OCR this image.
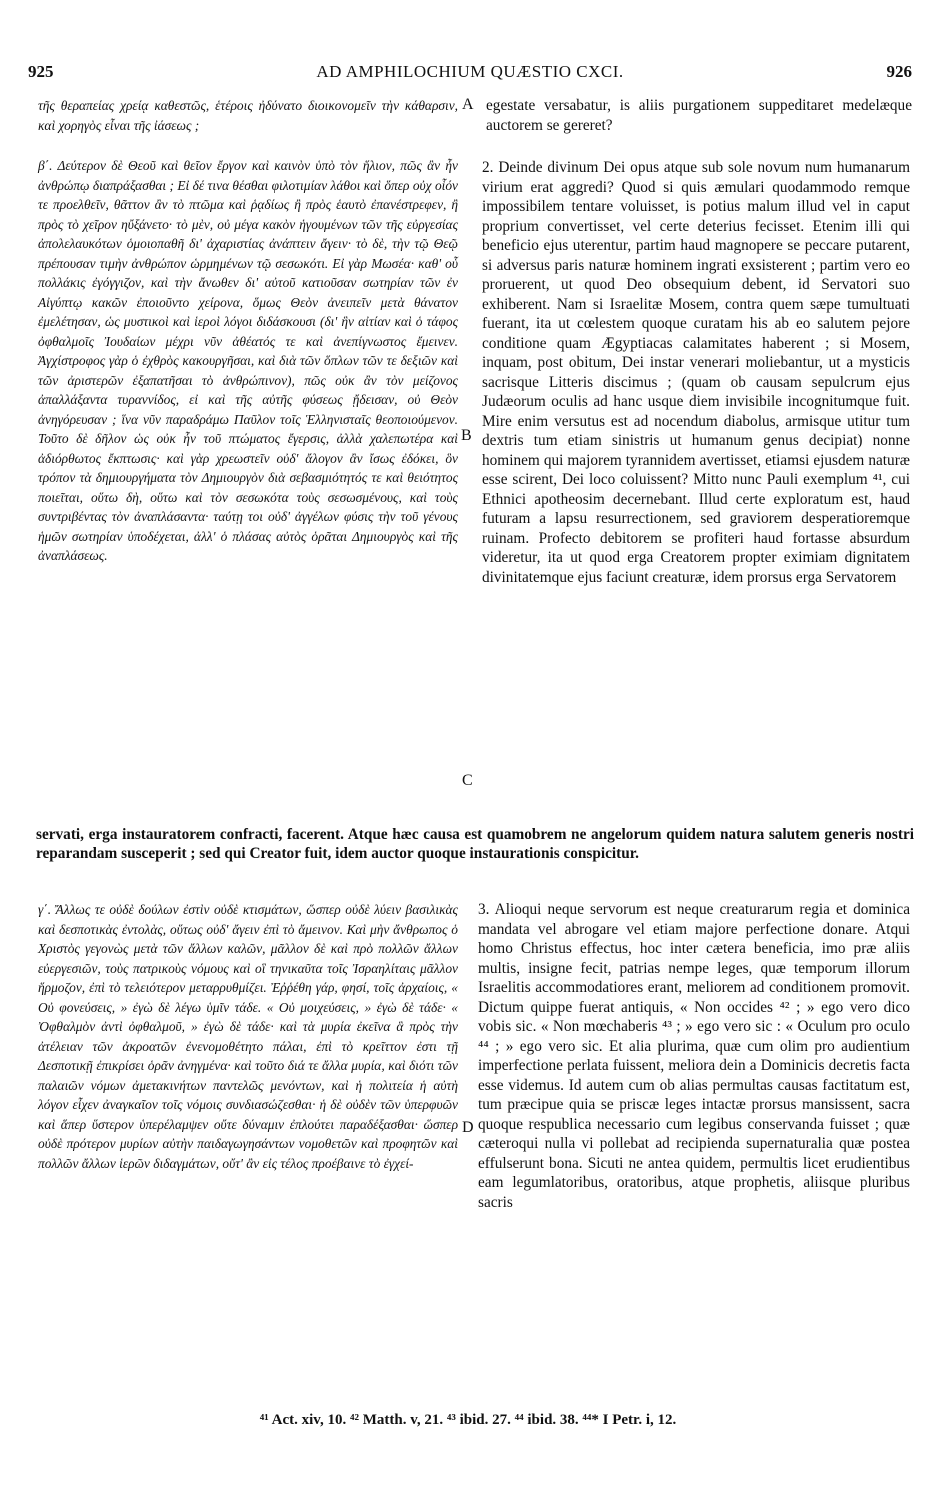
925	AD AMPHILOCHIUM QUÆSTIO CXCI.	926

τῆς θεραπείας χρείᾳ καθεστῶς, ἑτέροις ἠδύνατο διοικονομεῖν τὴν κάθαρσιν, καὶ χορηγὸς εἶναι τῆς ἰάσεως ;

egestate versabatur, is aliis purgationem suppeditaret medelæque auctorem se gereret?

β΄. Δεύτερον δὲ Θεοῦ καὶ θεῖον ἔργον καὶ καινὸν ὑπὸ τὸν ἥλιον, πῶς ἂν ἦν ἀνθρώπῳ διαπράξασθαι ; Εἰ δέ τινα θέσθαι φιλοτιμίαν λάθοι καὶ ὅπερ οὐχ οἷόν τε προελθεῖν, θᾶττον ἂν τὸ πτῶμα καὶ ῥᾳδίως ἢ πρὸς ἑαυτὸ ἐπανέστρεφεν, ἢ πρὸς τὸ χεῖρον ηὔξάνετο· τὸ μὲν, οὐ μέγα κακὸν ἡγουμένων τῶν τῆς εὐργεσίας ἀπολελαυκότων ὁμοιοπαθῆ δι' ἀχαριστίας ἀνάπτειν ἄγειν· τὸ δὲ, τὴν τῷ Θεῷ πρέπουσαν τιμὴν ἀνθρώπον ὡρμημένων τῷ σεσωκότι. Εἰ γὰρ Μωσέα· καθ' οὗ πολλάκις ἐγόγγιζον, καὶ τὴν ἄνωθεν δι' αὐτοῦ κατιοῦσαν σωτηρίαν τῶν ἐν Αἰγύπτῳ κακῶν ἐποιοῦντο χείρονα, ὅμως Θεὸν ἀνειπεῖν μετὰ θάνατον ἐμελέτησαν, ὡς μυστικοὶ καὶ ἱεροὶ λόγοι διδάσκουσι (δι' ἣν αἰτίαν καὶ ὁ τάφος ὀφθαλμοῖς Ἰουδαίων μέχρι νῦν ἀθέατός τε καὶ ἀνεπίγνωστος ἔμεινεν. Ἀγχίστροφος γὰρ ὁ ἐχθρὸς κακουργῆσαι, καὶ διὰ τῶν ὅπλων τῶν τε δεξιῶν καὶ τῶν ἀριστερῶν ἐξαπατῆσαι τὸ ἀνθρώπινον), πῶς οὐκ ἂν τὸν μείζονος ἀπαλλάξαντα τυραννίδος, εἰ καὶ τῆς αὐτῆς φύσεως ᾔδεισαν, οὐ Θεὸν ἀνηγόρευσαν ; ἵνα νῦν παραδράμω Παῦλον τοῖς Ἑλληνισταῖς θεοποιούμενον. Τοῦτο δὲ δῆλον ὡς οὐκ ἦν τοῦ πτώματος ἔγερσις, ἀλλὰ χαλεπωτέρα καὶ ἀδιόρθωτος ἔκπτωσις· καὶ γὰρ χρεωστεῖν οὐδ' ἄλογον ἂν ἴσως ἐδόκει, ὃν τρόπον τὰ δημιουργήματα τὸν Δημιουργὸν διὰ σεβασμιότητός τε καὶ θειότητος ποιεῖται, οὕτω δὴ, οὕτω καὶ τὸν σεσωκότα τοὺς σεσωσμένους, καὶ τοὺς συντριβέντας τὸν ἀναπλάσαντα· ταύτῃ τοι οὐδ' ἀγγέλων φύσις τὴν τοῦ γένους ἡμῶν σωτηρίαν ὑποδέχεται, ἀλλ' ὁ πλάσας αὐτὸς ὁρᾶται Δημιουργὸς καὶ τῆς ἀναπλάσεως.

2. Deinde divinum Dei opus atque sub sole novum num humanarum virium erat aggredi? Quod si quis æmulari quodammodo remque impossibilem tentare voluisset, is potius malum illud vel in caput proprium convertisset, vel certe deterius fecisset. Etenim illi qui beneficio ejus uterentur, partim haud magnopere se peccare putarent, si adversus paris naturæ hominem ingrati exsisterent ; partim vero eo proruerent, ut quod Deo obsequium debent, id Servatori suo exhiberent. Nam si Israelitæ Mosem, contra quem sæpe tumultuati fuerant, ita ut cœlestem quoque curatam his ab eo salutem pejore conditione quam Ægyptiacas calamitates haberent ; si Mosem, inquam, post obitum, Dei instar venerari moliebantur, ut a mysticis sacrisque Litteris discimus ; (quam ob causam sepulcrum ejus Judæorum oculis ad hanc usque diem invisibile incognitumque fuit. Mire enim versutus est ad nocendum diabolus, armisque utitur tum dextris tum etiam sinistris ut humanum genus decipiat) nonne hominem qui majorem tyrannidem avertisset, etiamsi ejusdem naturæ esse scirent, Dei loco coluissent? Mitto nunc Pauli exemplum ⁴¹, cui Ethnici apotheosim decernebant. Illud certe exploratum est, haud futuram a lapsu resurrectionem, sed graviorem desperatioremque ruinam. Profecto debitorem se profiteri haud fortasse absurdum videretur, ita ut quod erga Creatorem propter eximiam dignitatem divinitatemque ejus faciunt creaturæ, idem prorsus erga Servatorem

servati, erga instauratorem confracti, facerent. Atque hæc causa est quamobrem ne angelorum quidem natura salutem generis nostri reparandam susceperit ; sed qui Creator fuit, idem auctor quoque instaurationis conspicitur.

γ΄. Ἄλλως τε οὐδὲ δούλων ἐστὶν οὐδὲ κτισμάτων, ὥσπερ οὐδὲ λύειν βασιλικὰς καὶ δεσποτικὰς ἐντολὰς, οὕτως οὐδ' ἄγειν ἐπὶ τὸ ἄμεινον. Καὶ μὴν ἄνθρωπος ὁ Χριστὸς γεγονὼς μετὰ τῶν ἄλλων καλῶν, μᾶλλον δὲ καὶ πρὸ πολλῶν ἄλλων εὐεργεσιῶν, τοὺς πατρικοὺς νόμους καὶ οἳ τηνικαῦτα τοῖς Ἰσραηλίταις μᾶλλον ἥρμοζον, ἐπὶ τὸ τελειότερον μεταρρυθμίζει. Ἐῤῥέθη γάρ, φησί, τοῖς ἀρχαίοις, « Οὐ φονεύσεις, » ἐγὼ δὲ λέγω ὑμῖν τάδε. « Οὐ μοιχεύσεις, » ἐγὼ δὲ τάδε· « Ὀφθαλμὸν ἀντὶ ὀφθαλμοῦ, » ἐγὼ δὲ τάδε· καὶ τὰ μυρία ἐκεῖνα ἃ πρὸς τὴν ἀτέλειαν τῶν ἀκροατῶν ἐνενομοθέτητο πάλαι, ἐπὶ τὸ κρεῖττον ἐστι τῇ Δεσποτικῇ ἐπικρίσει ὁρᾶν ἀνηγμένα· καὶ τοῦτο διά τε ἄλλα μυρία, καὶ διότι τῶν παλαιῶν νόμων ἀμετακινήτων παντελῶς μενόντων, καὶ ἡ πολιτεία ἡ αὐτὴ λόγον εἶχεν ἀναγκαῖον τοῖς νόμοις συνδιασώζεσθαι· ἡ δὲ οὐδὲν τῶν ὑπερφυῶν καὶ ἅπερ ὕστερον ὑπερέλαμψεν οὔτε δύναμιν ἐπλούτει παραδέξασθαι· ὥσπερ οὐδὲ πρότερον μυρίων αὐτὴν παιδαγωγησάντων νομοθετῶν καὶ προφητῶν καὶ πολλῶν ἄλλων ἱερῶν διδαγμάτων, οὔτ' ἂν εἰς τέλος προέβαινε τὸ ἐγχεί-

3. Alioqui neque servorum est neque creaturarum regia et dominica mandata vel abrogare vel etiam majore perfectione donare. Atqui homo Christus effectus, hoc inter cætera beneficia, imo præ aliis multis, insigne fecit, patrias nempe leges, quæ temporum illorum Israelitis accommodatiores erant, meliorem ad conditionem promovit. Dictum quippe fuerat antiquis, « Non occides ⁴² ; » ego vero dico vobis sic. « Non mœchaberis ⁴³ ; » ego vero sic : « Oculum pro oculo ⁴⁴ ; » ego vero sic. Et alia plurima, quæ cum olim pro audientium imperfectione perlata fuissent, meliora dein a Dominicis decretis facta esse videmus. Id autem cum ob alias permultas causas factitatum est, tum præcipue quia se priscæ leges intactæ prorsus mansissent, sacra quoque respublica necessario cum legibus conservanda fuisset ; quæ cæteroqui nulla vi pollebat ad recipienda supernaturalia quæ postea effulserunt bona. Sicuti ne antea quidem, permultis licet erudientibus eam legumlatoribus, oratoribus, atque prophetis, aliisque pluribus sacris

A
B
C
D
⁴¹ Act. xiv, 10. ⁴² Matth. v, 21. ⁴³ ibid. 27. ⁴⁴ ibid. 38. ⁴⁴* I Petr. i, 12.
